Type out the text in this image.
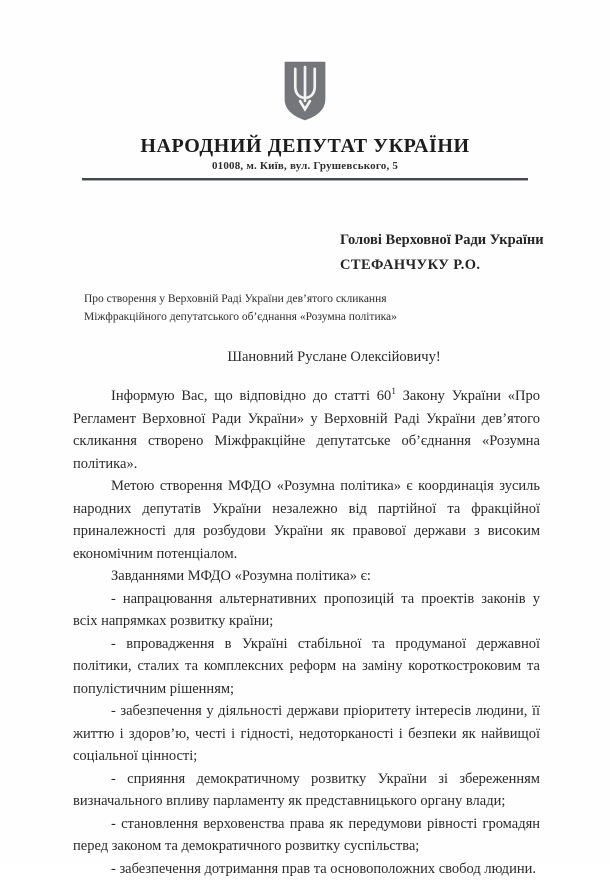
НАРОДНИЙ ДЕПУТАТ УКРАЇНИ
01008, м. Київ, вул. Грушевського, 5
Голові Верховної Ради України
СТЕФАНЧУКУ Р.О.
Про створення у Верховній Раді України дев’ятого скликання
Міжфракційного депутатського об’єднання «Розумна політика»
Шановний Руслане Олексійовичу!

Інформую Вас, що відповідно до статті 60$^1$ Закону України «Про Регламент Верховної Ради України» у Верховній Раді України дев’ятого скликання створено Міжфракційне депутатське об’єднання «Розумна політика».

Метою створення МФДО «Розумна політика» є координація зусиль народних депутатів України незалежно від партійної та фракційної приналежності для розбудови України як правової держави з високим економічним потенціалом.

Завданнями МФДО «Розумна політика» є:

- напрацювання альтернативних пропозицій та проектів законів у всіх напрямках розвитку країни;

- впровадження в Україні стабільної та продуманої державної політики, сталих та комплексних реформ на заміну короткостроковим та популістичним рішенням;

- забезпечення у діяльності держави пріоритету інтересів людини, її життю і здоров’ю, честі і гідності, недоторканості і безпеки як найвищої соціальної цінності;

- сприяння демократичному розвитку України зі збереженням визначального впливу парламенту як представницького органу влади;

- становлення верховенства права як передумови рівності громадян перед законом та демократичного розвитку суспільства;

- забезпечення дотримання прав та основоположних свобод людини.
